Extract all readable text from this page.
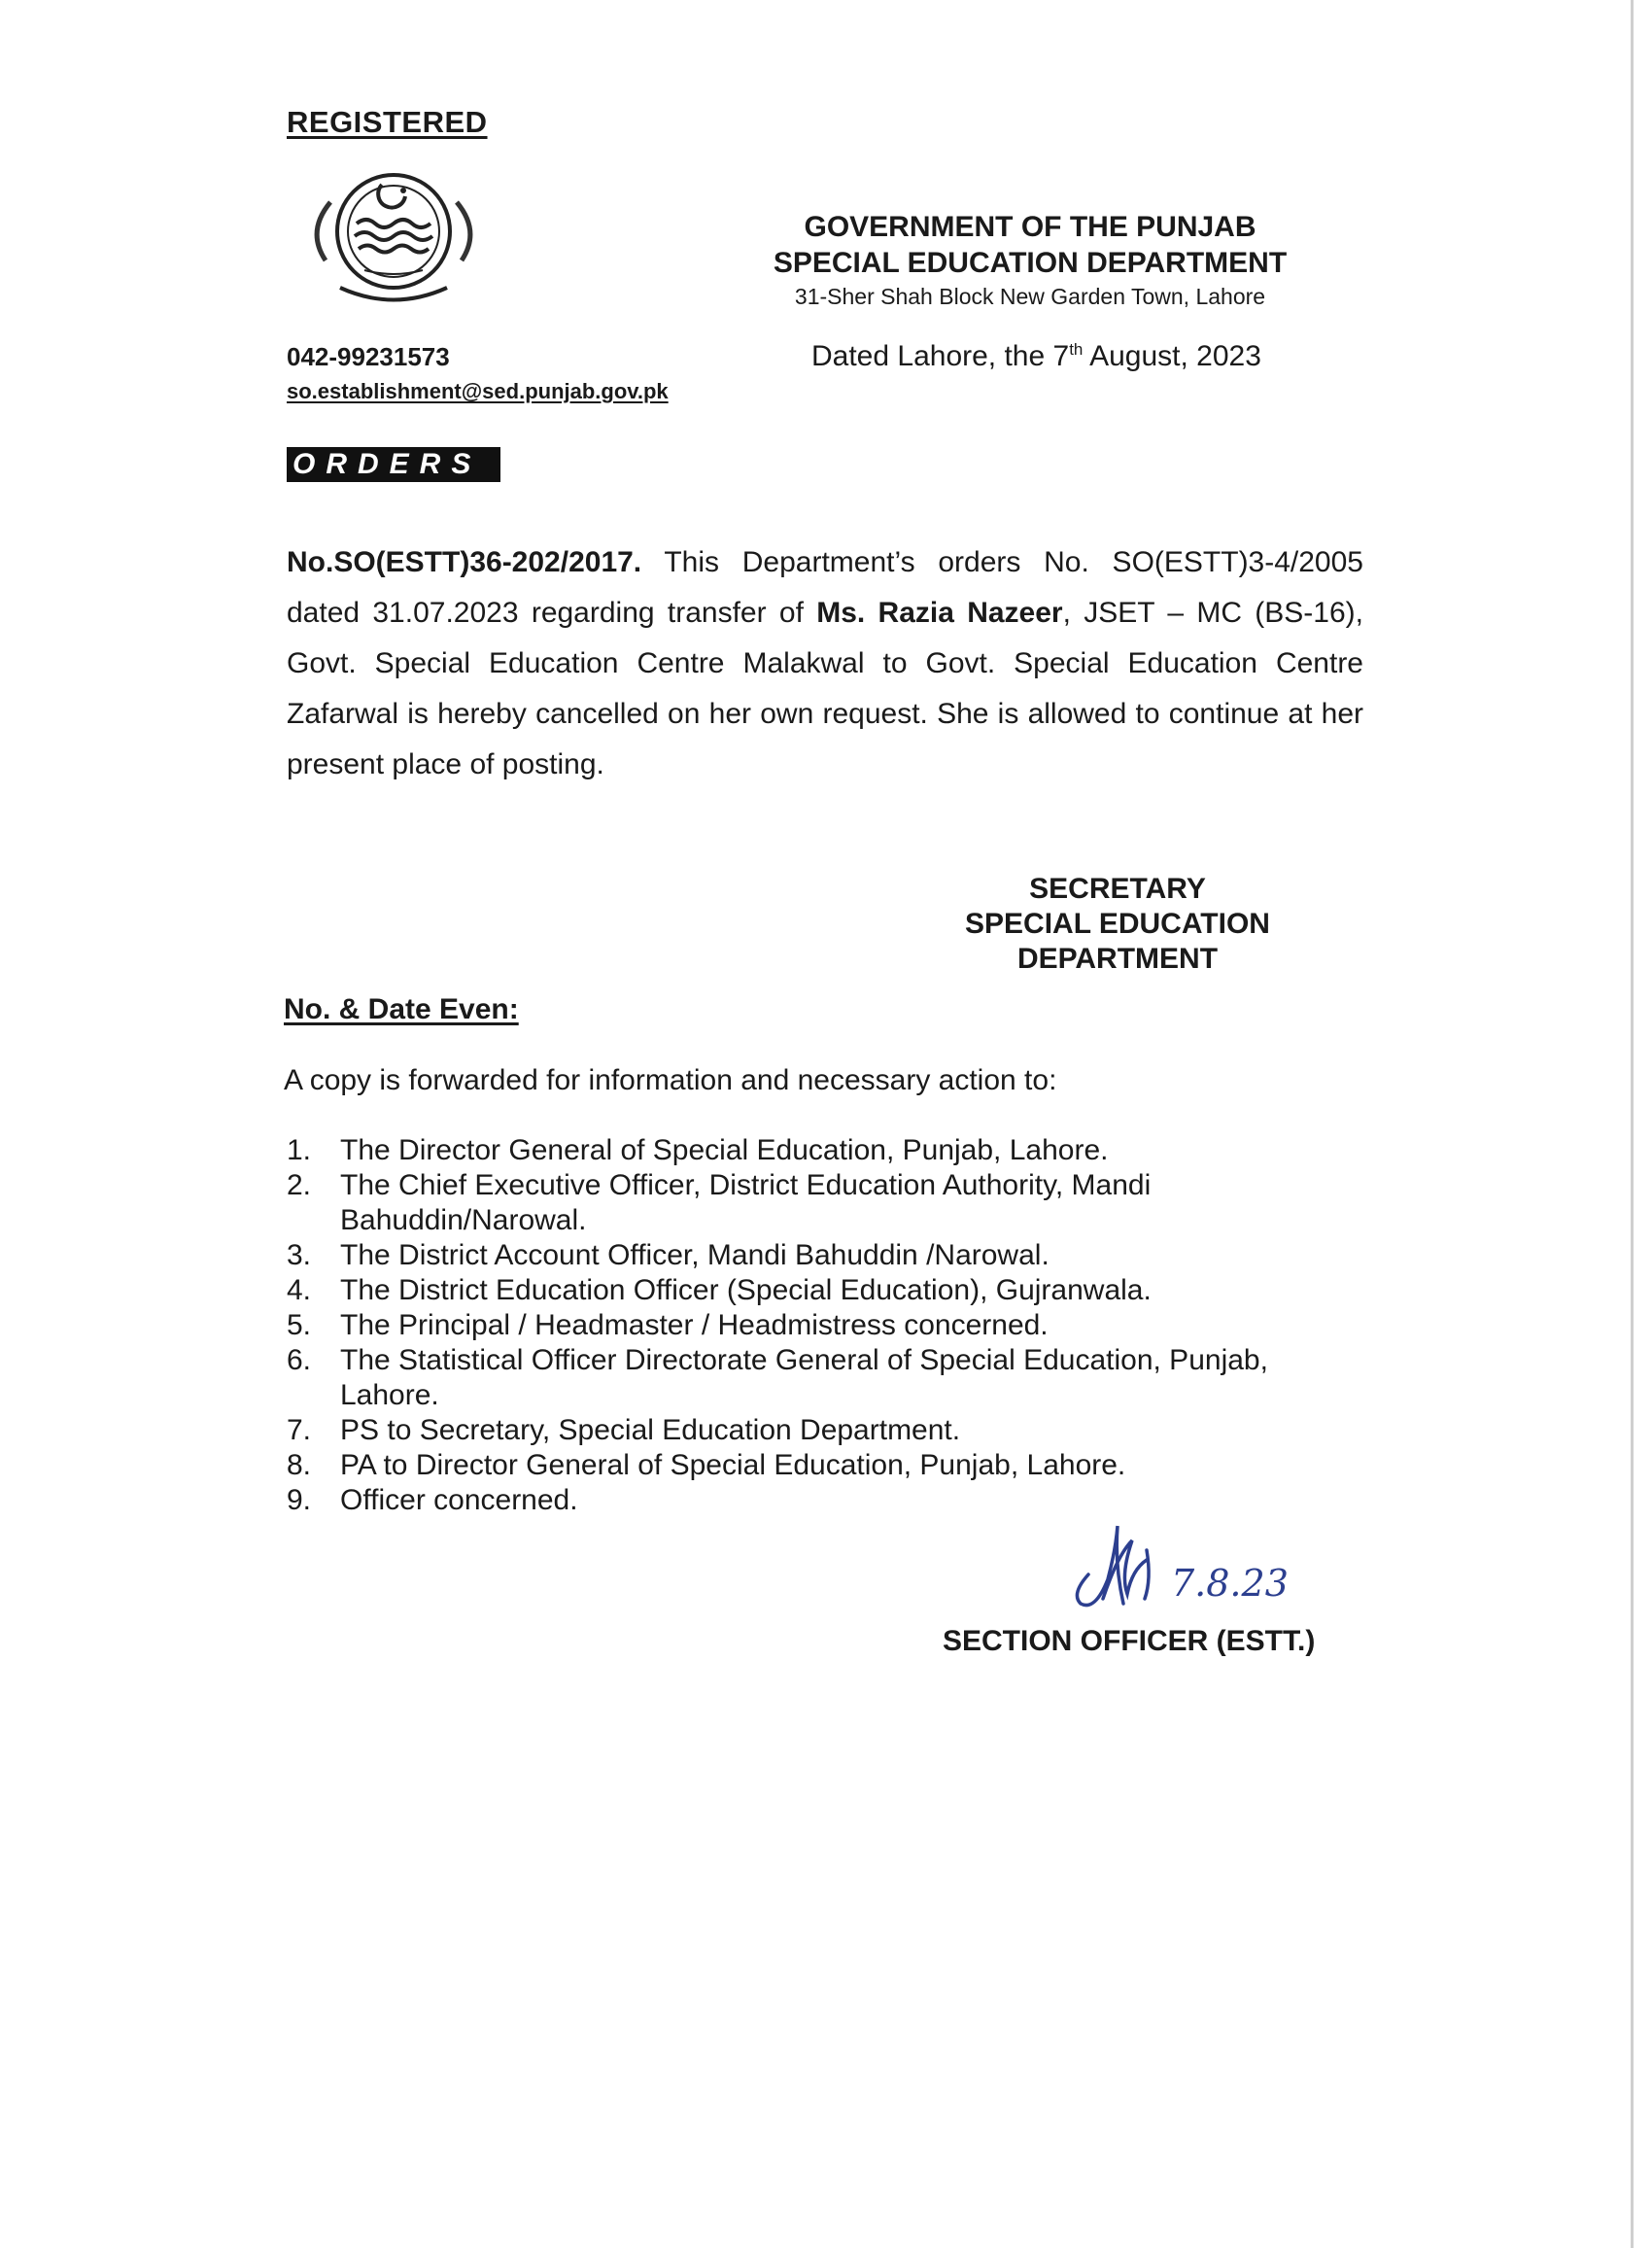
REGISTERED
GOVERNMENT OF THE PUNJAB
SPECIAL EDUCATION DEPARTMENT
31-Sher Shah Block New Garden Town, Lahore
042-99231573
so.establishment@sed.punjab.gov.pk
Dated Lahore, the 7th August, 2023
ORDERS
No.SO(ESTT)36-202/2017. This Department’s orders No. SO(ESTT)3-4/2005 dated 31.07.2023 regarding transfer of Ms. Razia Nazeer, JSET – MC (BS-16), Govt. Special Education Centre Malakwal to Govt. Special Education Centre Zafarwal is hereby cancelled on her own request. She is allowed to continue at her present place of posting.
SECRETARY
SPECIAL EDUCATION
DEPARTMENT
No. & Date Even:
A copy is forwarded for information and necessary action to:
1. The Director General of Special Education, Punjab, Lahore.
2. The Chief Executive Officer, District Education Authority, Mandi Bahuddin/Narowal.
3. The District Account Officer, Mandi Bahuddin /Narowal.
4. The District Education Officer (Special Education), Gujranwala.
5. The Principal / Headmaster / Headmistress concerned.
6. The Statistical Officer Directorate General of Special Education, Punjab, Lahore.
7. PS to Secretary, Special Education Department.
8. PA to Director General of Special Education, Punjab, Lahore.
9. Officer concerned.
7.8.23
SECTION OFFICER (ESTT.)
